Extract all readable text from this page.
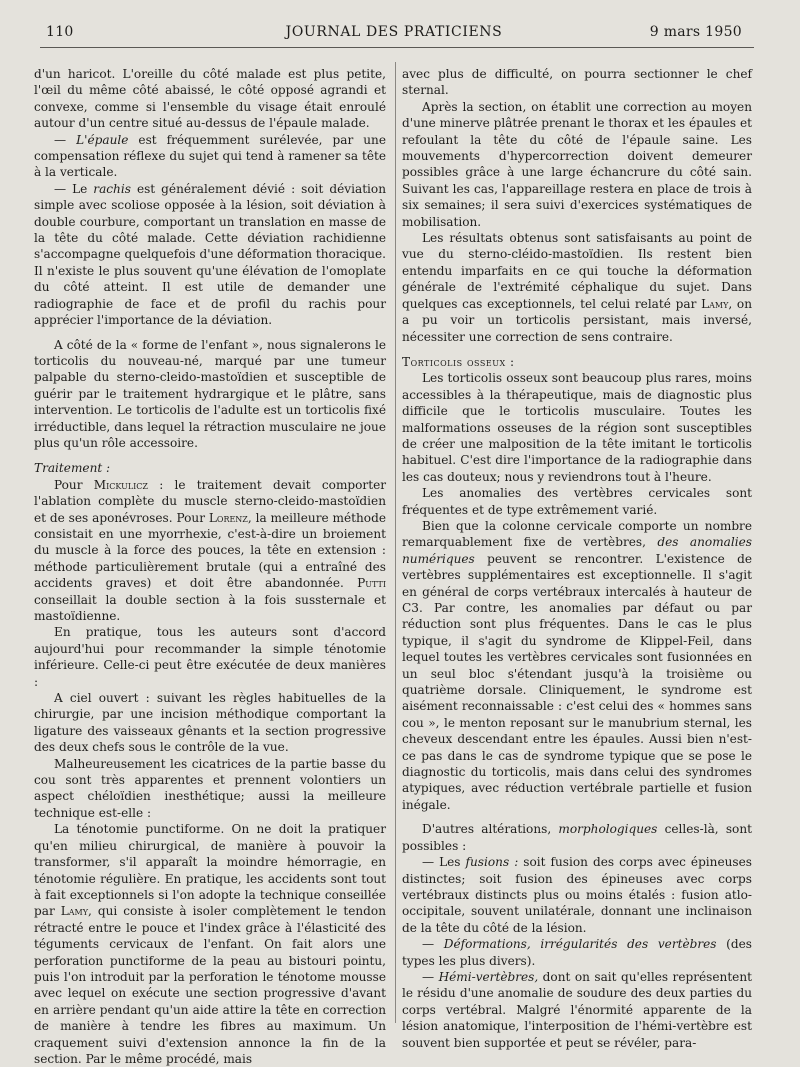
110	JOURNAL DES PRATICIENS	9 mars 1950

d'un haricot. L'oreille du côté malade est plus petite, l'œil du même côté abaissé, le côté opposé agrandi et convexe, comme si l'ensemble du visage était enroulé autour d'un centre situé au-dessus de l'épaule malade.

— L'épaule est fréquemment surélevée, par une compensation réflexe du sujet qui tend à ramener sa tête à la verticale.

— Le rachis est généralement dévié : soit déviation simple avec scoliose opposée à la lésion, soit déviation à double courbure, comportant un translation en masse de la tête du côté malade. Cette déviation rachidienne s'accompagne quelquefois d'une déformation thoracique. Il n'existe le plus souvent qu'une élévation de l'omoplate du côté atteint. Il est utile de demander une radiographie de face et de profil du rachis pour apprécier l'importance de la déviation.

A côté de la « forme de l'enfant », nous signalerons le torticolis du nouveau-né, marqué par une tumeur palpable du sterno-cleido-mastoïdien et susceptible de guérir par le traitement hydrargique et le plâtre, sans intervention. Le torticolis de l'adulte est un torticolis fixé irréductible, dans lequel la rétraction musculaire ne joue plus qu'un rôle accessoire.

Traitement :

Pour Mickulicz : le traitement devait comporter l'ablation complète du muscle sterno-cleido-mastoïdien et de ses aponévroses. Pour Lorenz, la meilleure méthode consistait en une myorrhexie, c'est-à-dire un broiement du muscle à la force des pouces, la tête en extension : méthode particulièrement brutale (qui a entraîné des accidents graves) et doit être abandonnée. Putti conseillait la double section à la fois sussternale et mastoïdienne.

En pratique, tous les auteurs sont d'accord aujourd'hui pour recommander la simple ténotomie inférieure. Celle-ci peut être exécutée de deux manières :

A ciel ouvert : suivant les règles habituelles de la chirurgie, par une incision méthodique comportant la ligature des vaisseaux gênants et la section progressive des deux chefs sous le contrôle de la vue.

Malheureusement les cicatrices de la partie basse du cou sont très apparentes et prennent volontiers un aspect chéloïdien inesthétique; aussi la meilleure technique est-elle :

La ténotomie punctiforme. On ne doit la pratiquer qu'en milieu chirurgical, de manière à pouvoir la transformer, s'il apparaît la moindre hémorragie, en ténotomie régulière. En pratique, les accidents sont tout à fait exceptionnels si l'on adopte la technique conseillée par Lamy, qui consiste à isoler complètement le tendon rétracté entre le pouce et l'index grâce à l'élasticité des téguments cervicaux de l'enfant. On fait alors une perforation punctiforme de la peau au bistouri pointu, puis l'on introduit par la perforation le ténotome mousse avec lequel on exécute une section progressive d'avant en arrière pendant qu'un aide attire la tête en correction de manière à tendre les fibres au maximum. Un craquement suivi d'extension annonce la fin de la section. Par le même procédé, mais

avec plus de difficulté, on pourra sectionner le chef sternal.

Après la section, on établit une correction au moyen d'une minerve plâtrée prenant le thorax et les épaules et refoulant la tête du côté de l'épaule saine. Les mouvements d'hypercorrection doivent demeurer possibles grâce à une large échancrure du côté sain. Suivant les cas, l'appareillage restera en place de trois à six semaines; il sera suivi d'exercices systématiques de mobilisation.

Les résultats obtenus sont satisfaisants au point de vue du sterno-cléido-mastoïdien. Ils restent bien entendu imparfaits en ce qui touche la déformation générale de l'extrémité céphalique du sujet. Dans quelques cas exceptionnels, tel celui relaté par Lamy, on a pu voir un torticolis persistant, mais inversé, nécessiter une correction de sens contraire.

Torticolis osseux :

Les torticolis osseux sont beaucoup plus rares, moins accessibles à la thérapeutique, mais de diagnostic plus difficile que le torticolis musculaire. Toutes les malformations osseuses de la région sont susceptibles de créer une malposition de la tête imitant le torticolis habituel. C'est dire l'importance de la radiographie dans les cas douteux; nous y reviendrons tout à l'heure.

Les anomalies des vertèbres cervicales sont fréquentes et de type extrêmement varié.

Bien que la colonne cervicale comporte un nombre remarquablement fixe de vertèbres, des anomalies numériques peuvent se rencontrer. L'existence de vertèbres supplémentaires est exceptionnelle. Il s'agit en général de corps vertébraux intercalés à hauteur de C3. Par contre, les anomalies par défaut ou par réduction sont plus fréquentes. Dans le cas le plus typique, il s'agit du syndrome de Klippel-Feil, dans lequel toutes les vertèbres cervicales sont fusionnées en un seul bloc s'étendant jusqu'à la troisième ou quatrième dorsale. Cliniquement, le syndrome est aisément reconnaissable : c'est celui des « hommes sans cou », le menton reposant sur le manubrium sternal, les cheveux descendant entre les épaules. Aussi bien n'est-ce pas dans le cas de syndrome typique que se pose le diagnostic du torticolis, mais dans celui des syndromes atypiques, avec réduction vertébrale partielle et fusion inégale.

D'autres altérations, morphologiques celles-là, sont possibles :

— Les fusions : soit fusion des corps avec épineuses distinctes; soit fusion des épineuses avec corps vertébraux distincts plus ou moins étalés : fusion atlo-occipitale, souvent unilatérale, donnant une inclinaison de la tête du côté de la lésion.

— Déformations, irrégularités des vertèbres (des types les plus divers).

— Hémi-vertèbres, dont on sait qu'elles représentent le résidu d'une anomalie de soudure des deux parties du corps vertébral. Malgré l'énormité apparente de la lésion anatomique, l'interposition de l'hémi-vertèbre est souvent bien supportée et peut se révéler, para-
